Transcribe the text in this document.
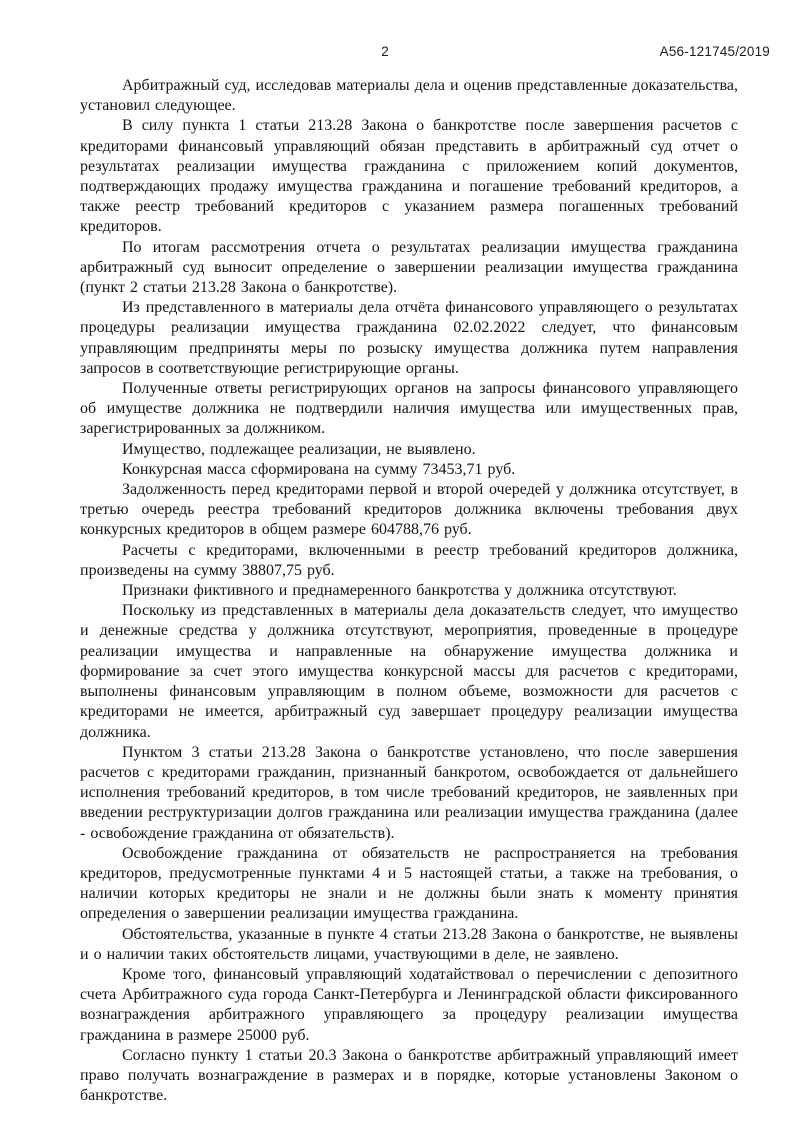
2	А56-121745/2019

Арбитражный суд, исследовав материалы дела и оценив представленные доказательства, установил следующее.

В силу пункта 1 статьи 213.28 Закона о банкротстве после завершения расчетов с кредиторами финансовый управляющий обязан представить в арбитражный суд отчет о результатах реализации имущества гражданина с приложением копий документов, подтверждающих продажу имущества гражданина и погашение требований кредиторов, а также реестр требований кредиторов с указанием размера погашенных требований кредиторов.

По итогам рассмотрения отчета о результатах реализации имущества гражданина арбитражный суд выносит определение о завершении реализации имущества гражданина (пункт 2 статьи 213.28 Закона о банкротстве).

Из представленного в материалы дела отчёта финансового управляющего о результатах процедуры реализации имущества гражданина 02.02.2022 следует, что финансовым управляющим предприняты меры по розыску имущества должника путем направления запросов в соответствующие регистрирующие органы.

Полученные ответы регистрирующих органов на запросы финансового управляющего об имуществе должника не подтвердили наличия имущества или имущественных прав, зарегистрированных за должником.

Имущество, подлежащее реализации, не выявлено.

Конкурсная масса сформирована на сумму 73453,71 руб.

Задолженность перед кредиторами первой и второй очередей у должника отсутствует, в третью очередь реестра требований кредиторов должника включены требования двух конкурсных кредиторов в общем размере 604788,76 руб.

Расчеты с кредиторами, включенными в реестр требований кредиторов должника, произведены на сумму 38807,75 руб.

Признаки фиктивного и преднамеренного банкротства у должника отсутствуют.

Поскольку из представленных в материалы дела доказательств следует, что имущество и денежные средства у должника отсутствуют, мероприятия, проведенные в процедуре реализации имущества и направленные на обнаружение имущества должника и формирование за счет этого имущества конкурсной массы для расчетов с кредиторами, выполнены финансовым управляющим в полном объеме, возможности для расчетов с кредиторами не имеется, арбитражный суд завершает процедуру реализации имущества должника.

Пунктом 3 статьи 213.28 Закона о банкротстве установлено, что после завершения расчетов с кредиторами гражданин, признанный банкротом, освобождается от дальнейшего исполнения требований кредиторов, в том числе требований кредиторов, не заявленных при введении реструктуризации долгов гражданина или реализации имущества гражданина (далее - освобождение гражданина от обязательств).

Освобождение гражданина от обязательств не распространяется на требования кредиторов, предусмотренные пунктами 4 и 5 настоящей статьи, а также на требования, о наличии которых кредиторы не знали и не должны были знать к моменту принятия определения о завершении реализации имущества гражданина.

Обстоятельства, указанные в пункте 4 статьи 213.28 Закона о банкротстве, не выявлены и о наличии таких обстоятельств лицами, участвующими в деле, не заявлено.

Кроме того, финансовый управляющий ходатайствовал о перечислении с депозитного счета Арбитражного суда города Санкт-Петербурга и Ленинградской области фиксированного вознаграждения арбитражного управляющего за процедуру реализации имущества гражданина в размере 25000 руб.

Согласно пункту 1 статьи 20.3 Закона о банкротстве арбитражный управляющий имеет право получать вознаграждение в размерах и в порядке, которые установлены Законом о банкротстве.
